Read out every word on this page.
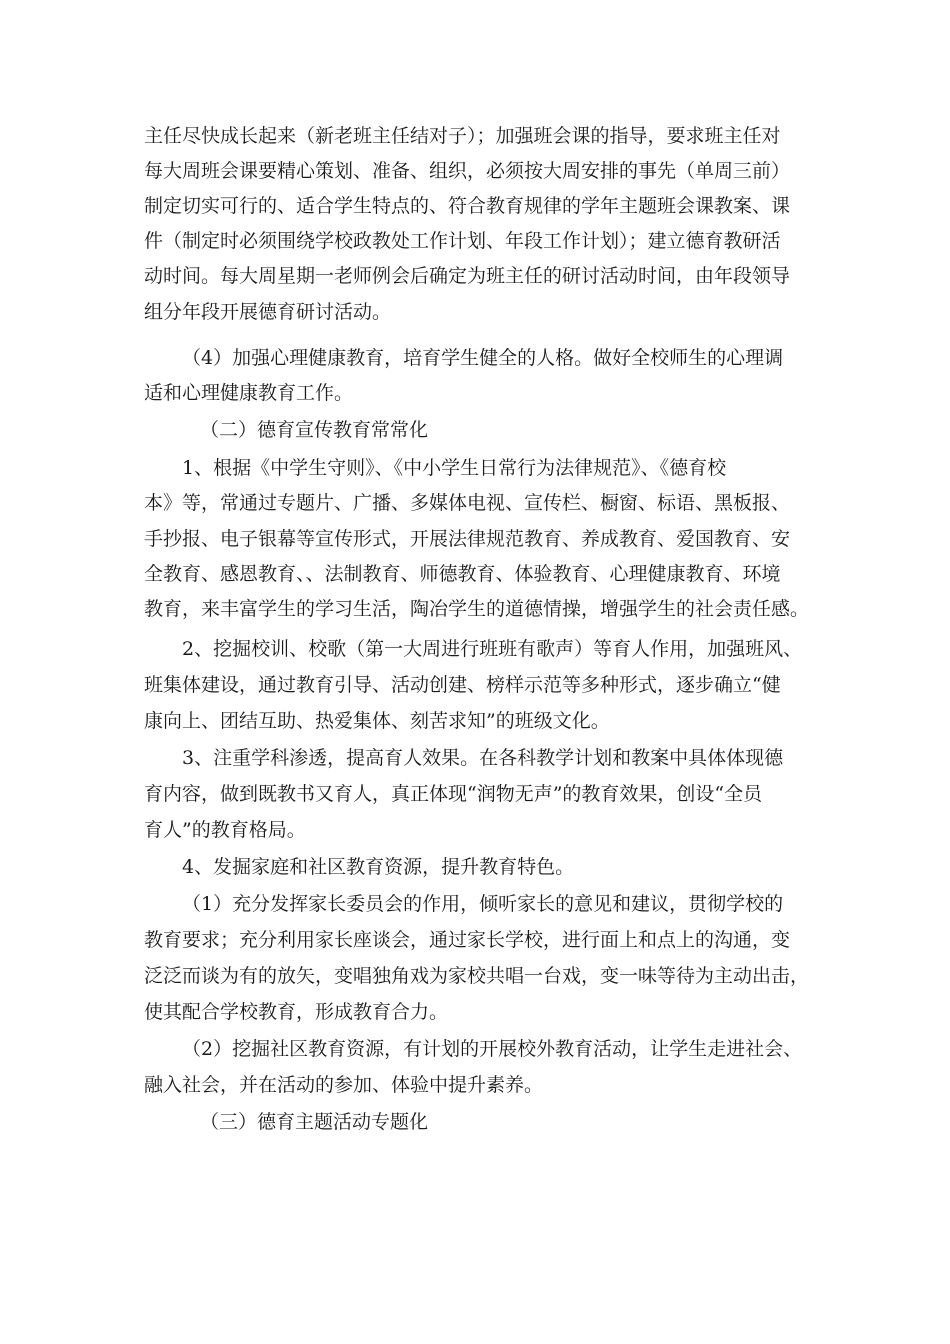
主任尽快成长起来（新老班主任结对子）；加强班会课的指导，要求班主任对
每大周班会课要精心策划、准备、组织，必须按大周安排的事先（单周三前）
制定切实可行的、适合学生特点的、符合教育规律的学年主题班会课教案、课
件（制定时必须围绕学校政教处工作计划、年段工作计划）；建立德育教研活
动时间。每大周星期一老师例会后确定为班主任的研讨活动时间，由年段领导
组分年段开展德育研讨活动。
（4）加强心理健康教育，培育学生健全的人格。做好全校师生的心理调
适和心理健康教育工作。
（二）德育宣传教育常常化
1、根据《中学生守则》、《中小学生日常行为法律规范》、《德育校
本》等，常通过专题片、广播、多媒体电视、宣传栏、橱窗、标语、黑板报、
手抄报、电子银幕等宣传形式，开展法律规范教育、养成教育、爱国教育、安
全教育、感恩教育、、法制教育、师德教育、体验教育、心理健康教育、环境
教育，来丰富学生的学习生活，陶冶学生的道德情操，增强学生的社会责任感。
2、挖掘校训、校歌（第一大周进行班班有歌声）等育人作用，加强班风、
班集体建设，通过教育引导、活动创建、榜样示范等多种形式，逐步确立“健
康向上、团结互助、热爱集体、刻苦求知”的班级文化。
3、注重学科渗透，提高育人效果。在各科教学计划和教案中具体体现德
育内容，做到既教书又育人，真正体现“润物无声”的教育效果，创设“全员
育人”的教育格局。
4、发掘家庭和社区教育资源，提升教育特色。
（1）充分发挥家长委员会的作用，倾听家长的意见和建议，贯彻学校的
教育要求；充分利用家长座谈会，通过家长学校，进行面上和点上的沟通，变
泛泛而谈为有的放矢，变唱独角戏为家校共唱一台戏，变一味等待为主动出击，
使其配合学校教育，形成教育合力。
（2）挖掘社区教育资源，有计划的开展校外教育活动，让学生走进社会、
融入社会，并在活动的参加、体验中提升素养。
（三）德育主题活动专题化
